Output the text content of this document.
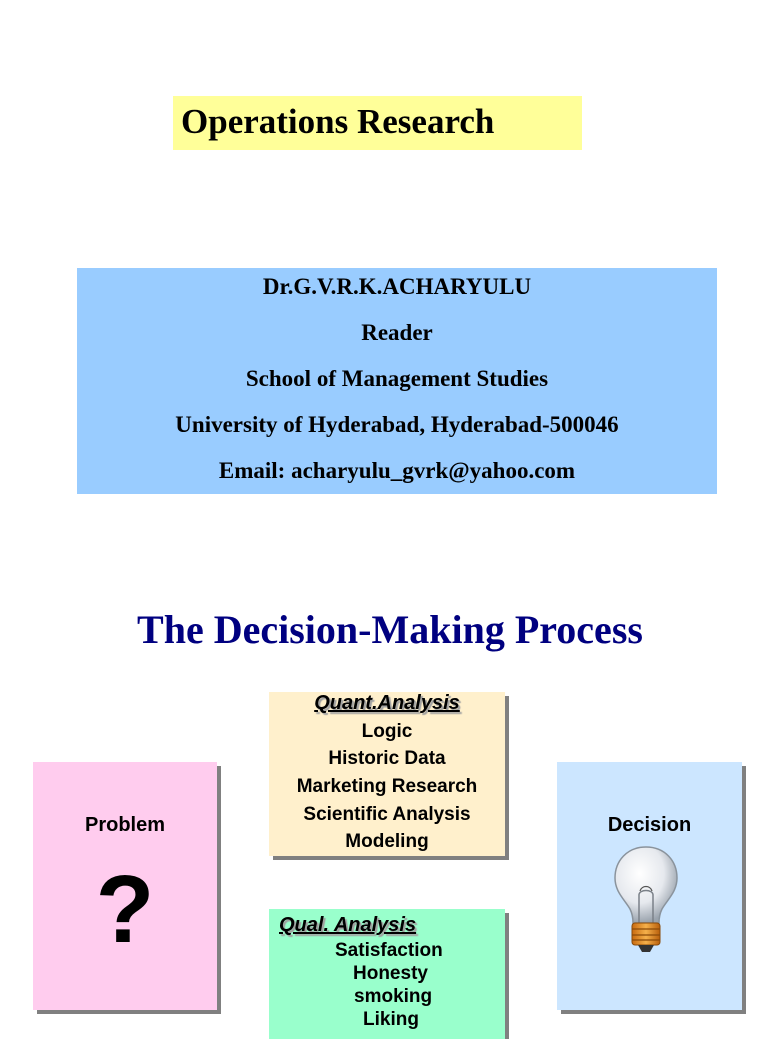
Operations Research
Dr.G.V.R.K.ACHARYULU
Reader
School of Management Studies
University of Hyderabad, Hyderabad-500046
Email: acharyulu_gvrk@yahoo.com
The Decision-Making Process
Problem
?
Quant.Analysis
Logic
Historic Data
Marketing Research
Scientific Analysis
Modeling
Qual. Analysis
Satisfaction
Honesty
smoking
Liking
Decision
